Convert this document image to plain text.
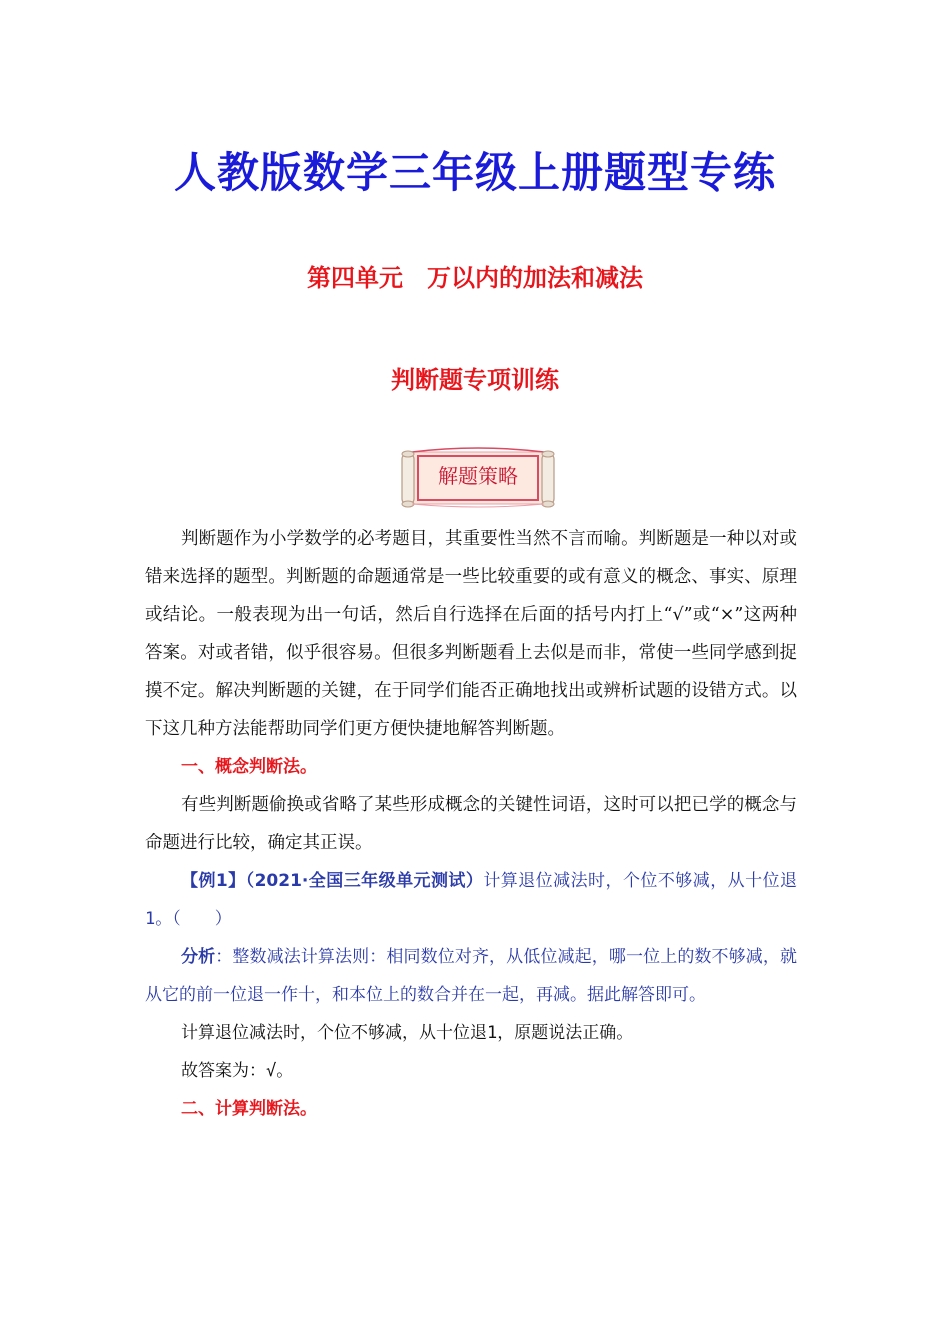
人教版数学三年级上册题型专练
第四单元　万以内的加法和减法
判断题专项训练
解题策略

判断题作为小学数学的必考题目，其重要性当然不言而喻。判断题是一种以对或错来选择的题型。判断题的命题通常是一些比较重要的或有意义的概念、事实、原理或结论。一般表现为出一句话，然后自行选择在后面的括号内打上“√”或“×”这两种答案。对或者错，似乎很容易。但很多判断题看上去似是而非，常使一些同学感到捉摸不定。解决判断题的关键，在于同学们能否正确地找出或辨析试题的设错方式。以下这几种方法能帮助同学们更方便快捷地解答判断题。

一、概念判断法。

有些判断题偷换或省略了某些形成概念的关键性词语，这时可以把已学的概念与命题进行比较，确定其正误。

【例1】（2021·全国三年级单元测试）计算退位减法时，个位不够减，从十位退1。（　　）

分析：整数减法计算法则：相同数位对齐，从低位减起，哪一位上的数不够减，就从它的前一位退一作十，和本位上的数合并在一起，再减。据此解答即可。

计算退位减法时，个位不够减，从十位退1，原题说法正确。

故答案为：√。

二、计算判断法。
